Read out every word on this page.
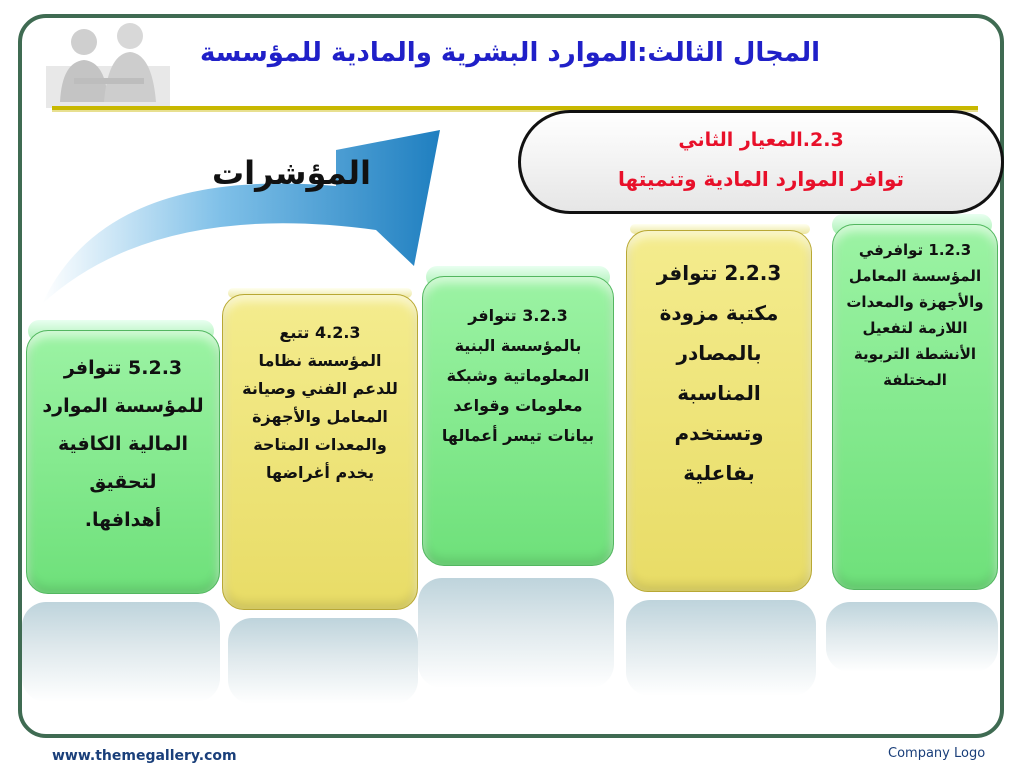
المجال الثالث:الموارد البشرية والمادية للمؤسسة
المؤشرات
2.3.المعيار الثاني
توافر الموارد المادية وتنميتها
1.2.3 توافرفي
المؤسسة المعامل
والأجهزة والمعدات
اللازمة لتفعيل
الأنشطة التربوية
المختلفة
2.2.3 تتوافر
مكتبة مزودة
بالمصادر
المناسبة
وتستخدم
بفاعلية
3.2.3 تتوافر
بالمؤسسة البنية
المعلوماتية وشبكة
معلومات وقواعد
بيانات تيسر أعمالها
4.2.3 تتبع
المؤسسة نظاما
للدعم الفني وصيانة
المعامل والأجهزة
والمعدات المتاحة
يخدم أغراضها
5.2.3 تتوافر
للمؤسسة الموارد
المالية الكافية
لتحقيق
أهدافها.
www.themegallery.com	Company Logo
